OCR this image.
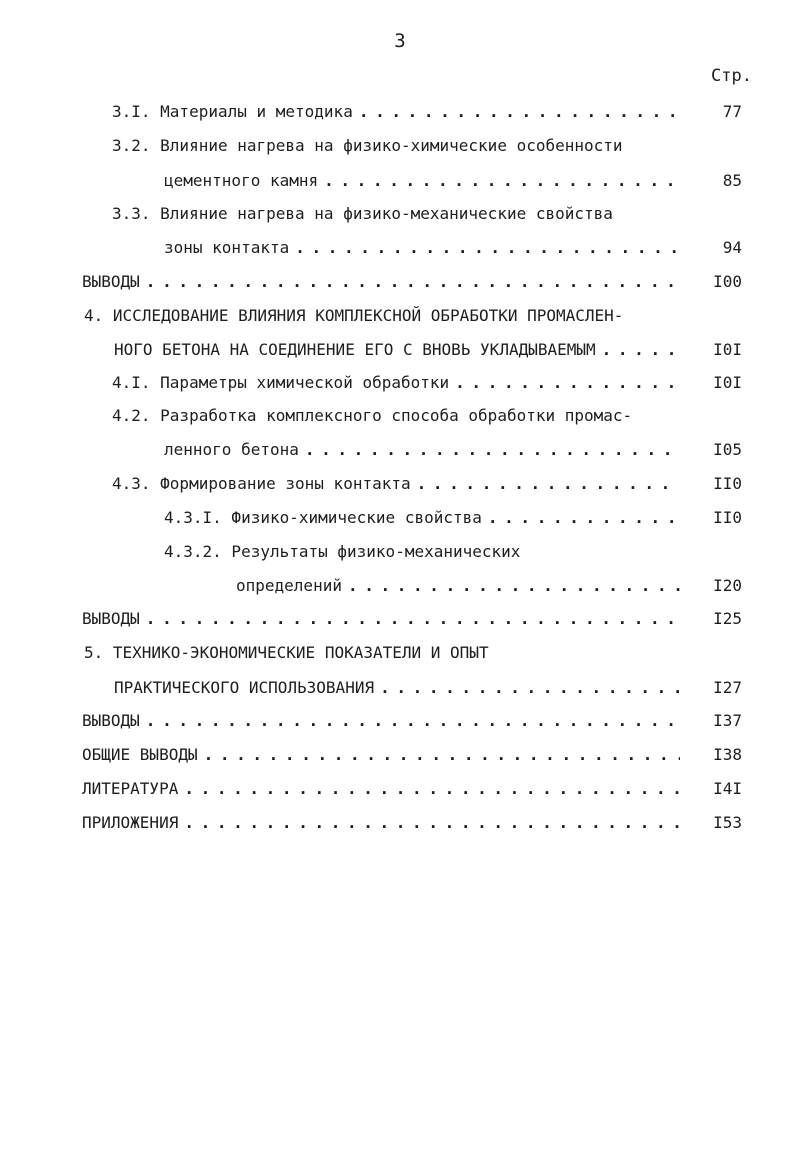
3
Стр.
3.I. Материалы и методика . . .	77
3.2. Влияние нагрева на физико-химические особенности
цементного камня . . .	85
3.3. Влияние нагрева на физико-механические свойства
зоны контакта . . .	94
ВЫВОДЫ . . .	I00
4. ИССЛЕДОВАНИЕ ВЛИЯНИЯ КОМПЛЕКСНОЙ ОБРАБОТКИ ПРОМАСЛЕН-
НОГО БЕТОНА НА СОЕДИНЕНИЕ ЕГО С ВНОВЬ УКЛАДЫВАЕМЫМ . . .	I0I
4.I. Параметры химической обработки . . .	I0I
4.2. Разработка комплексного способа обработки промас-
ленного бетона . . .	I05
4.3. Формирование зоны контакта . . .	II0
4.3.I. Физико-химические свойства . . .	II0
4.3.2. Результаты физико-механических
определений . . .	I20
ВЫВОДЫ . . .	I25
5. ТЕХНИКО-ЭКОНОМИЧЕСКИЕ ПОКАЗАТЕЛИ И ОПЫТ
ПРАКТИЧЕСКОГО ИСПОЛЬЗОВАНИЯ . . .	I27
ВЫВОДЫ . . .	I37
ОБЩИЕ ВЫВОДЫ . . .	I38
ЛИТЕРАТУРА . . .	I4I
ПРИЛОЖЕНИЯ . . .	I53
